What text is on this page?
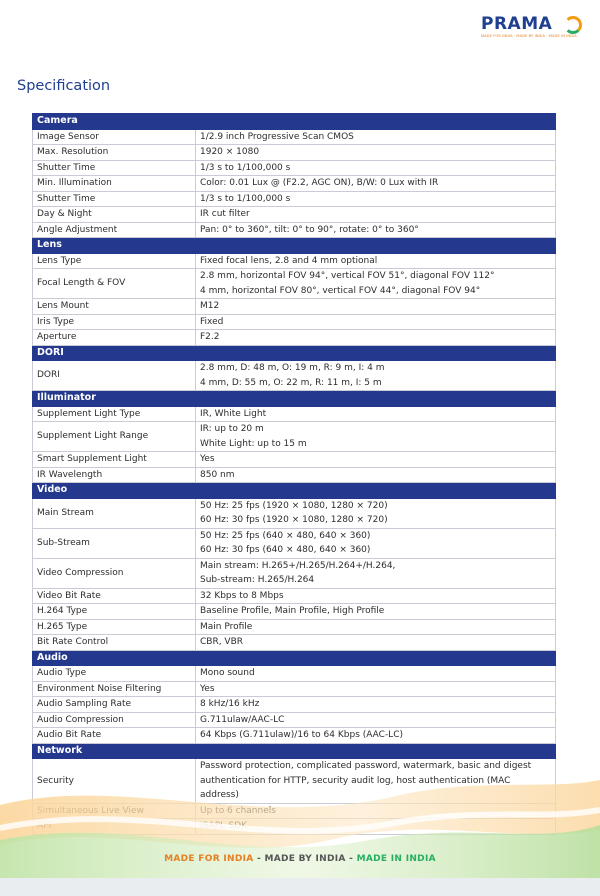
PRAMA
MADE FOR INDIA · MADE BY INDIA · MADE IN INDIA
Specification
Camera	
Image Sensor	1/2.9 inch Progressive Scan CMOS

Max. Resolution	1920 × 1080

Shutter Time	1/3 s to 1/100,000 s

Min. Illumination	Color: 0.01 Lux @ (F2.2, AGC ON), B/W: 0 Lux with IR

Shutter Time	1/3 s to 1/100,000 s

Day & Night	IR cut filter

Angle Adjustment	Pan: 0° to 360°, tilt: 0° to 90°, rotate: 0° to 360°

Lens	
Lens Type	Fixed focal lens, 2.8 and 4 mm optional

Focal Length & FOV	2.8 mm, horizontal FOV 94°, vertical FOV 51°, diagonal FOV 112°
4 mm, horizontal FOV 80°, vertical FOV 44°, diagonal FOV 94°

Lens Mount	M12

Iris Type	Fixed

Aperture	F2.2

DORI	
DORI	2.8 mm, D: 48 m, O: 19 m, R: 9 m, I: 4 m
4 mm, D: 55 m, O: 22 m, R: 11 m, I: 5 m

Illuminator	
Supplement Light Type	IR, White Light

Supplement Light Range	IR: up to 20 m
White Light: up to 15 m

Smart Supplement Light	Yes

IR Wavelength	850 nm

Video	
Main Stream	50 Hz: 25 fps (1920 × 1080, 1280 × 720)
60 Hz: 30 fps (1920 × 1080, 1280 × 720)

Sub-Stream	50 Hz: 25 fps (640 × 480, 640 × 360)
60 Hz: 30 fps (640 × 480, 640 × 360)

Video Compression	Main stream: H.265+/H.265/H.264+/H.264,
Sub-stream: H.265/H.264

Video Bit Rate	32 Kbps to 8 Mbps

H.264 Type	Baseline Profile, Main Profile, High Profile

H.265 Type	Main Profile

Bit Rate Control	CBR, VBR

Audio	
Audio Type	Mono sound

Environment Noise Filtering	Yes

Audio Sampling Rate	8 kHz/16 kHz

Audio Compression	G.711ulaw/AAC-LC

Audio Bit Rate	64 Kbps (G.711ulaw)/16 to 64 Kbps (AAC-LC)

Network	
Security	Password protection, complicated password, watermark, basic and digest
authentication for HTTP, security audit log, host authentication (MAC address)

MADE FOR INDIA - MADE BY INDIA - MADE IN INDIA
